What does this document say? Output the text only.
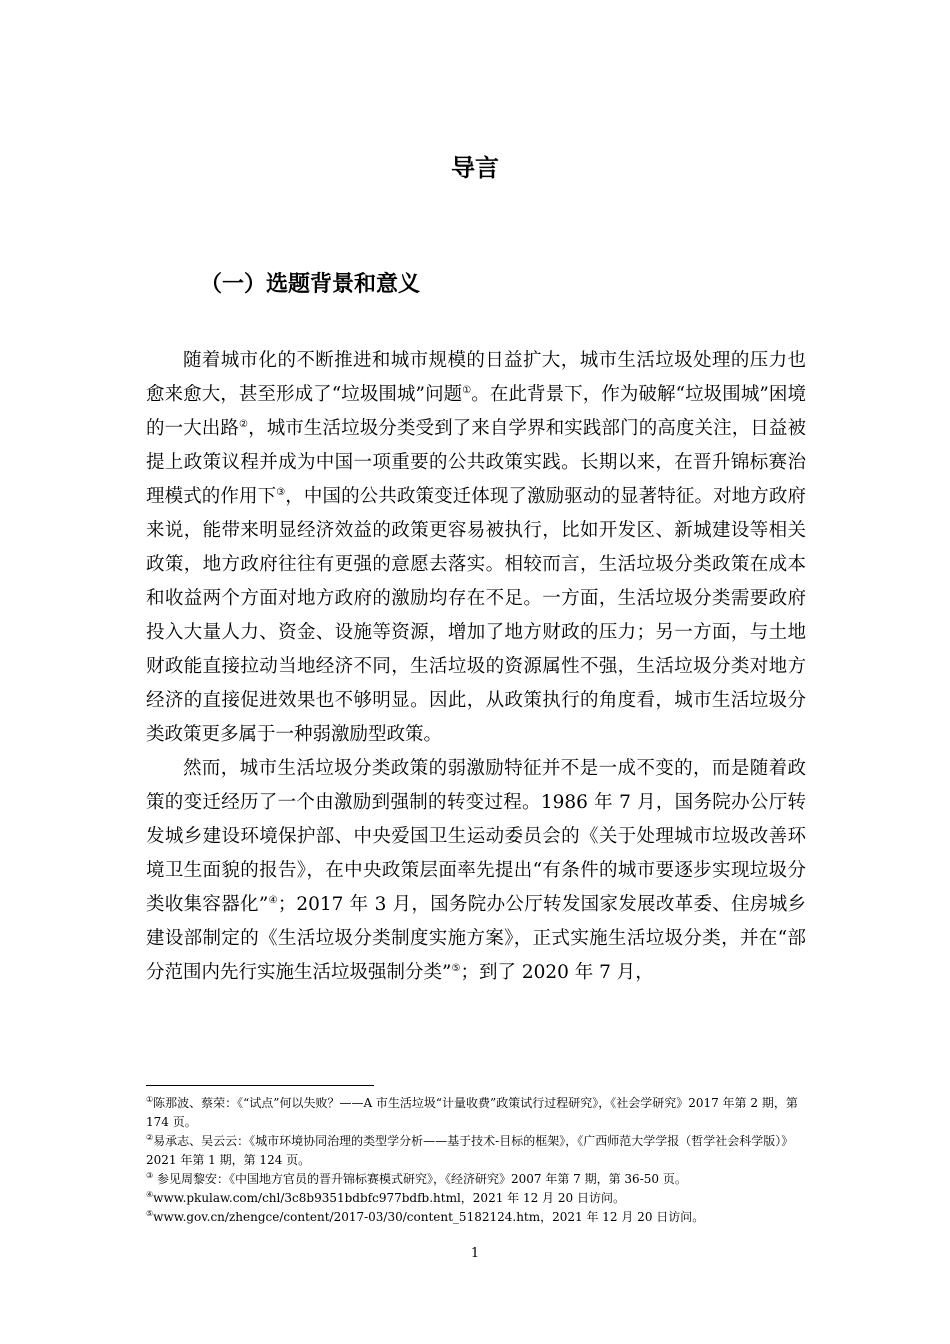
导言
（一）选题背景和意义

随着城市化的不断推进和城市规模的日益扩大，城市生活垃圾处理的压力也愈来愈大，甚至形成了“垃圾围城”问题①。在此背景下，作为破解“垃圾围城”困境的一大出路②，城市生活垃圾分类受到了来自学界和实践部门的高度关注，日益被提上政策议程并成为中国一项重要的公共政策实践。长期以来，在晋升锦标赛治理模式的作用下③，中国的公共政策变迁体现了激励驱动的显著特征。对地方政府来说，能带来明显经济效益的政策更容易被执行，比如开发区、新城建设等相关政策，地方政府往往有更强的意愿去落实。相较而言，生活垃圾分类政策在成本和收益两个方面对地方政府的激励均存在不足。一方面，生活垃圾分类需要政府投入大量人力、资金、设施等资源，增加了地方财政的压力；另一方面，与土地财政能直接拉动当地经济不同，生活垃圾的资源属性不强，生活垃圾分类对地方经济的直接促进效果也不够明显。因此，从政策执行的角度看，城市生活垃圾分类政策更多属于一种弱激励型政策。

然而，城市生活垃圾分类政策的弱激励特征并不是一成不变的，而是随着政策的变迁经历了一个由激励到强制的转变过程。1986 年 7 月，国务院办公厅转发城乡建设环境保护部、中央爱国卫生运动委员会的《关于处理城市垃圾改善环境卫生面貌的报告》，在中央政策层面率先提出“有条件的城市要逐步实现垃圾分类收集容器化”④；2017 年 3 月，国务院办公厅转发国家发展改革委、住房城乡建设部制定的《生活垃圾分类制度实施方案》，正式实施生活垃圾分类，并在“部分范围内先行实施生活垃圾强制分类”⑤；到了 2020 年 7 月，

①陈那波、蔡荣：《“试点”何以失败？——A 市生活垃圾“计量收费”政策试行过程研究》，《社会学研究》2017 年第 2 期，第 174 页。

②易承志、吴云云：《城市环境协同治理的类型学分析——基于技术-目标的框架》，《广西师范大学学报（哲学社会科学版）》2021 年第 1 期，第 124 页。

③ 参见周黎安：《中国地方官员的晋升锦标赛模式研究》，《经济研究》2007 年第 7 期，第 36-50 页。

④www.pkulaw.com/chl/3c8b9351bdbfc977bdfb.html，2021 年 12 月 20 日访问。

⑤www.gov.cn/zhengce/content/2017-03/30/content_5182124.htm，2021 年 12 月 20 日访问。

1
